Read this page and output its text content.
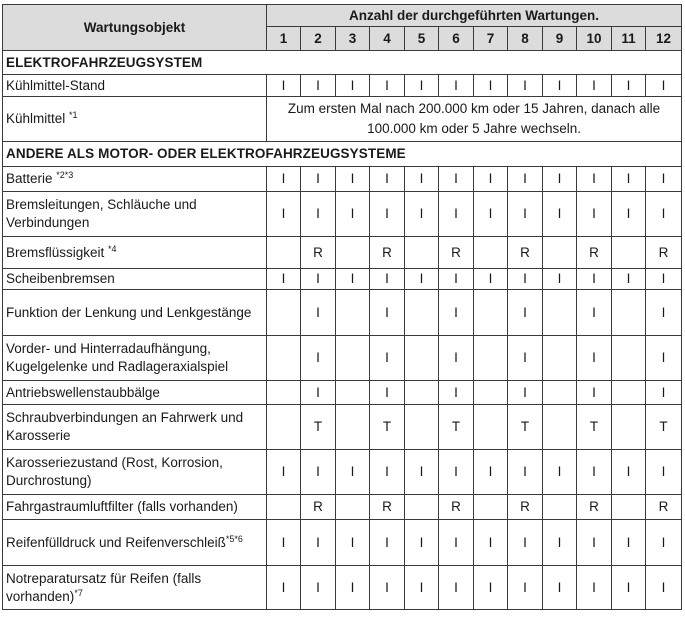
Wartungsobjekt	Anzahl der durchgeführten Wartungen.											
	1	2	3	4	5	6	7	8	9	10	11	12
ELEKTROFAHRZEUGSYSTEM												
Kühlmittel-Stand	I	I	I	I	I	I	I	I	I	I	I	I
Kühlmittel $^{*1}$	Zum ersten Mal nach 200.000 km oder 15 Jahren, danach alle 100.000 km oder 5 Jahre wechseln.											
ANDERE ALS MOTOR- ODER ELEKTROFAHRZEUGSYSTEME												
Batterie $^{*2*3}$	I	I	I	I	I	I	I	I	I	I	I	I
Bremsleitungen, Schläuche und Verbindungen	I	I	I	I	I	I	I	I	I	I	I	I
Bremsflüssigkeit $^{*4}$		R		R		R		R		R		R
Scheibenbremsen	I	I	I	I	I	I	I	I	I	I	I	I
Funktion der Lenkung und Lenkgestänge		I		I		I		I		I		I
Vorder- und Hinterradaufhängung, Kugelgelenke und Radlageraxialspiel		I		I		I		I		I		I
Antriebswellenstaubbälge		I		I		I		I		I		I
Schraubverbindungen an Fahrwerk und Karosserie		T		T		T		T		T		T
Karosseriezustand (Rost, Korrosion, Durchrostung)	I	I	I	I	I	I	I	I	I	I	I	I
Fahrgastraumluftfilter (falls vorhanden)		R		R		R		R		R		R
Reifenfülldruck und Reifenverschleiß$^{*5*6}$	I	I	I	I	I	I	I	I	I	I	I	I
Notreparatursatz für Reifen (falls vorhanden)$^{*7}$	I	I	I	I	I	I	I	I	I	I	I	I
